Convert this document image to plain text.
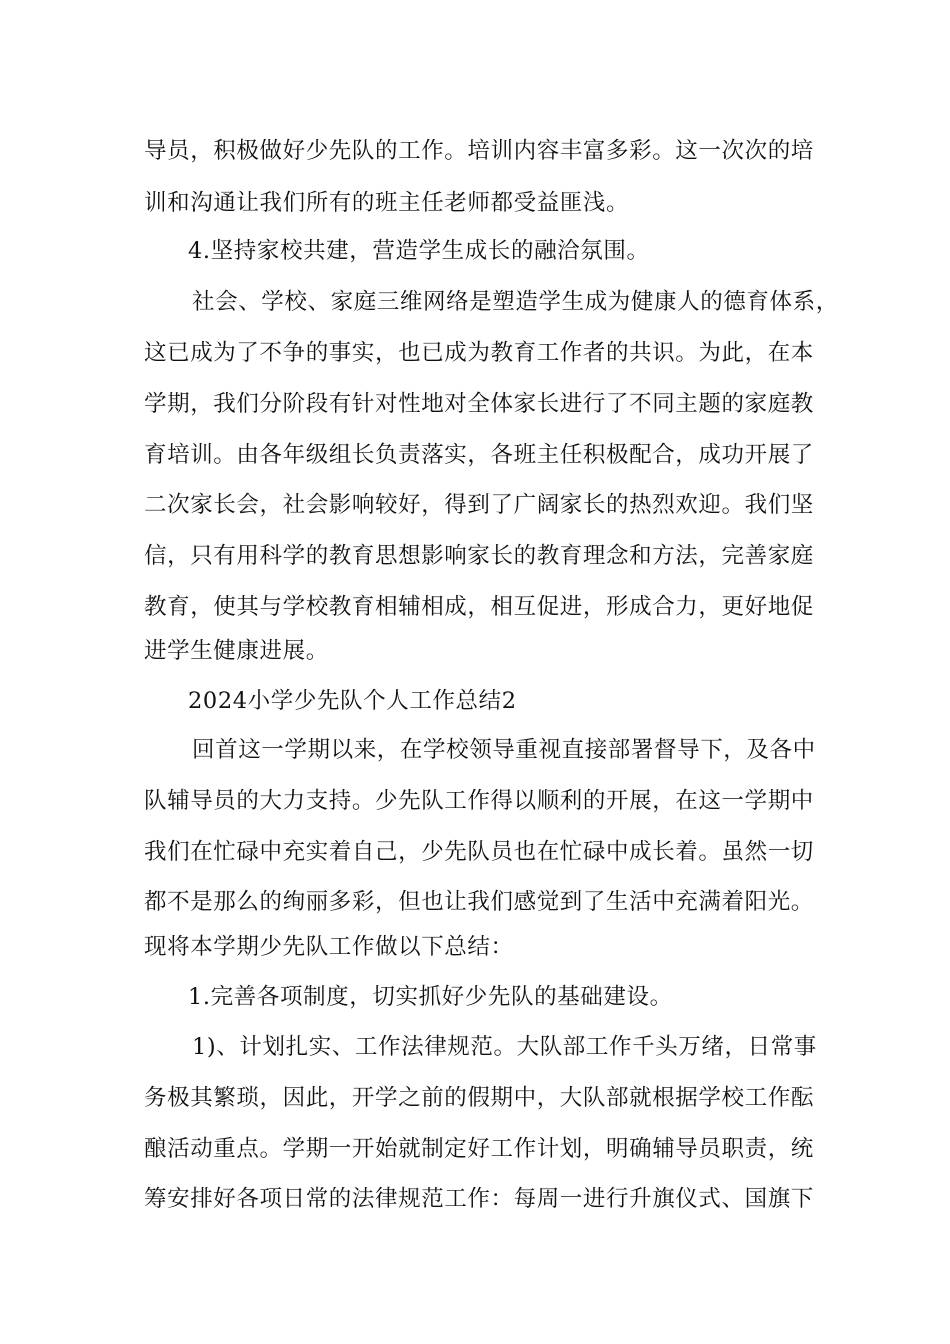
导员，积极做好少先队的工作。培训内容丰富多彩。这一次次的培
训和沟通让我们所有的班主任老师都受益匪浅。
4.坚持家校共建，营造学生成长的融洽氛围。
社会、学校、家庭三维网络是塑造学生成为健康人的德育体系，
这已成为了不争的事实，也已成为教育工作者的共识。为此，在本
学期，我们分阶段有针对性地对全体家长进行了不同主题的家庭教
育培训。由各年级组长负责落实，各班主任积极配合，成功开展了
二次家长会，社会影响较好，得到了广阔家长的热烈欢迎。我们坚
信，只有用科学的教育思想影响家长的教育理念和方法，完善家庭
教育，使其与学校教育相辅相成，相互促进，形成合力，更好地促
进学生健康进展。
2024小学少先队个人工作总结2
回首这一学期以来，在学校领导重视直接部署督导下，及各中
队辅导员的大力支持。少先队工作得以顺利的开展，在这一学期中
我们在忙碌中充实着自己，少先队员也在忙碌中成长着。虽然一切
都不是那么的绚丽多彩，但也让我们感觉到了生活中充满着阳光。
现将本学期少先队工作做以下总结：
1.完善各项制度，切实抓好少先队的基础建设。
1)、计划扎实、工作法律规范。大队部工作千头万绪，日常事
务极其繁琐，因此，开学之前的假期中，大队部就根据学校工作酝
酿活动重点。学期一开始就制定好工作计划，明确辅导员职责，统
筹安排好各项日常的法律规范工作：每周一进行升旗仪式、国旗下
